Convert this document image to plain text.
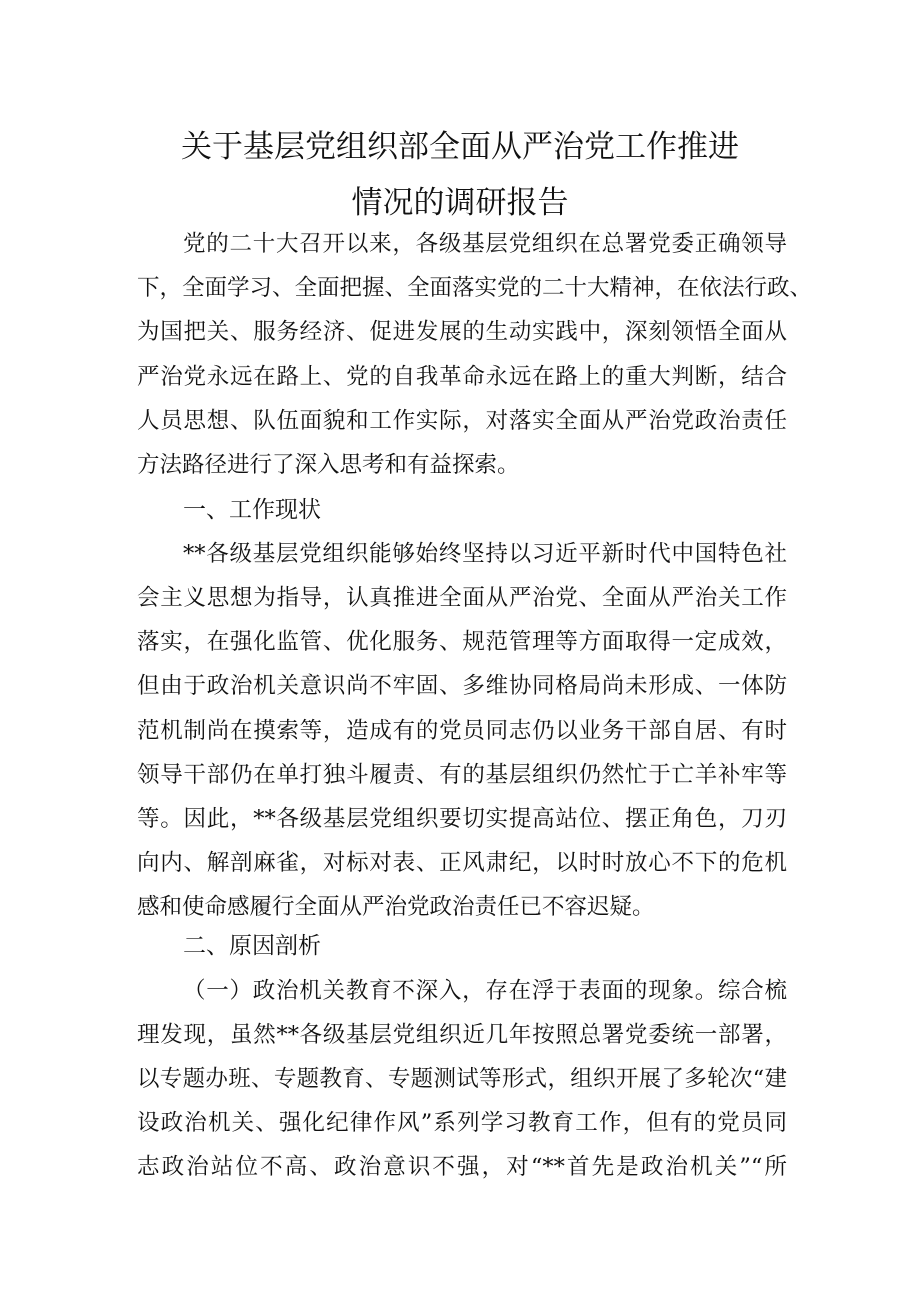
关于基层党组织部全面从严治党工作推进
情况的调研报告
党的二十大召开以来，各级基层党组织在总署党委正确领导
下，全面学习、全面把握、全面落实党的二十大精神，在依法行政、
为国把关、服务经济、促进发展的生动实践中，深刻领悟全面从
严治党永远在路上、党的自我革命永远在路上的重大判断，结合
人员思想、队伍面貌和工作实际，对落实全面从严治党政治责任
方法路径进行了深入思考和有益探索。
一、工作现状
**各级基层党组织能够始终坚持以习近平新时代中国特色社
会主义思想为指导，认真推进全面从严治党、全面从严治关工作
落实，在强化监管、优化服务、规范管理等方面取得一定成效，
但由于政治机关意识尚不牢固、多维协同格局尚未形成、一体防
范机制尚在摸索等，造成有的党员同志仍以业务干部自居、有时
领导干部仍在单打独斗履责、有的基层组织仍然忙于亡羊补牢等
等。因此，**各级基层党组织要切实提高站位、摆正角色，刀刃
向内、解剖麻雀，对标对表、正风肃纪，以时时放心不下的危机
感和使命感履行全面从严治党政治责任已不容迟疑。
二、原因剖析
（一）政治机关教育不深入，存在浮于表面的现象。综合梳
理发现，虽然**各级基层党组织近几年按照总署党委统一部署，
以专题办班、专题教育、专题测试等形式，组织开展了多轮次“建
设政治机关、强化纪律作风”系列学习教育工作，但有的党员同
志政治站位不高、政治意识不强，对“**首先是政治机关”“所
